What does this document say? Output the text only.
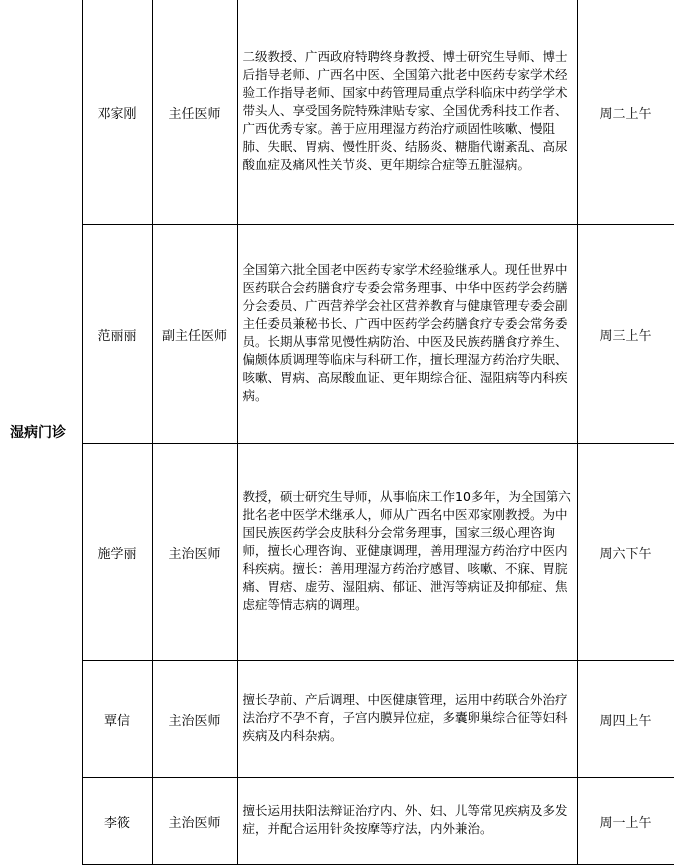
湿病门诊	邓家刚	主任医师	二级教授、广西政府特聘终身教授、博士研究生导师、博士后指导老师、广西名中医、全国第六批老中医药专家学术经验工作指导老师、国家中药管理局重点学科临床中药学学术带头人、享受国务院特殊津贴专家、全国优秀科技工作者、广西优秀专家。善于应用理湿方药治疗顽固性咳嗽、慢阻肺、失眠、胃病、慢性肝炎、结肠炎、糖脂代谢紊乱、高尿酸血症及痛风性关节炎、更年期综合症等五脏湿病。	周二上午
	范丽丽	副主任医师	全国第六批全国老中医药专家学术经验继承人。现任世界中医药联合会药膳食疗专委会常务理事、中华中医药学会药膳分会委员、广西营养学会社区营养教育与健康管理专委会副主任委员兼秘书长、广西中医药学会药膳食疗专委会常务委员。长期从事常见慢性病防治、中医及民族药膳食疗养生、偏颇体质调理等临床与科研工作，擅长理湿方药治疗失眠、咳嗽、胃病、高尿酸血证、更年期综合征、湿阻病等内科疾病。	周三上午
	施学丽	主治医师	教授，硕士研究生导师，从事临床工作10多年，为全国第六批名老中医学术继承人，师从广西名中医邓家刚教授。为中国民族医药学会皮肤科分会常务理事，国家三级心理咨询师，擅长心理咨询、亚健康调理，善用理湿方药治疗中医内科疾病。擅长：善用理湿方药治疗感冒、咳嗽、不寐、胃脘痛、胃痞、虚劳、湿阻病、郁证、泄泻等病证及抑郁症、焦虑症等情志病的调理。	周六下午
	覃信	主治医师	擅长孕前、产后调理、中医健康管理，运用中药联合外治疗法治疗不孕不育，子宫内膜异位症，多囊卵巢综合征等妇科疾病及内科杂病。	周四上午
	李筱	主治医师	擅长运用扶阳法辩证治疗内、外、妇、儿等常见疾病及多发症，并配合运用针灸按摩等疗法，内外兼治。	周一上午
